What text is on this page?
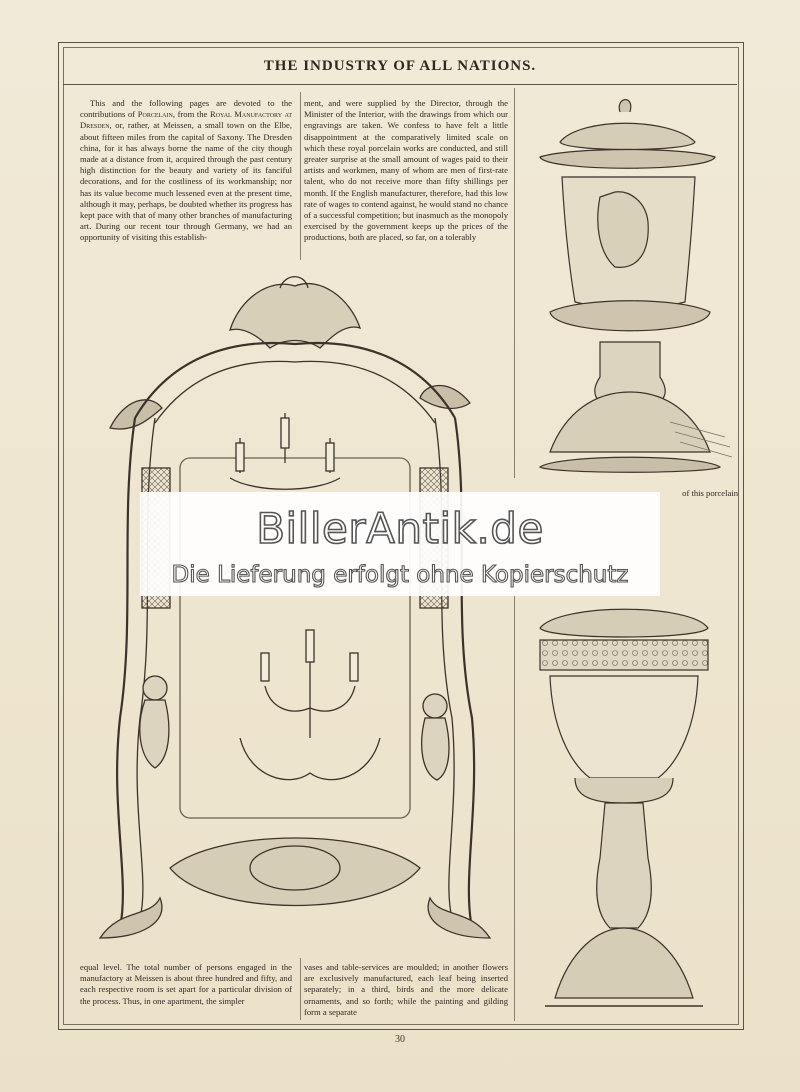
THE INDUSTRY OF ALL NATIONS.

This and the following pages are devoted to the contributions of Porcelain, from the Royal Manufactory at Dresden, or, rather, at Meissen, a small town on the Elbe, about fifteen miles from the capital of Saxony. The Dresden china, for it has always borne the name of the city though made at a distance from it, acquired through the past century high distinction for the beauty and variety of its fanciful decorations, and for the costliness of its workmanship; nor has its value become much lessened even at the present time, although it may, perhaps, be doubted whether its progress has kept pace with that of many other branches of manufacturing art. During our recent tour through Germany, we had an opportunity of visiting this establish-

ment, and were supplied by the Director, through the Minister of the Interior, with the drawings from which our engravings are taken. We confess to have felt a little disappointment at the comparatively limited scale on which these royal porcelain works are conducted, and still greater surprise at the small amount of wages paid to their artists and workmen, many of whom are men of first-rate talent, who do not receive more than fifty shillings per month. If the English manufacturer, therefore, had this low rate of wages to contend against, he would stand no chance of a successful competition; but inasmuch as the monopoly exercised by the government keeps up the prices of the productions, both are placed, so far, on a tolerably

equal level. The total number of persons engaged in the manufactory at Meissen is about three hundred and fifty, and each respective room is set apart for a particular division of the process. Thus, in one apartment, the simpler

vases and table-services are moulded; in another flowers are exclusively manufactured, each leaf being inserted separately; in a third, birds and the more delicate ornaments, and so forth; while the painting and gilding form a separate

of this porcelain
BillerAntik.de
Die Lieferung erfolgt ohne Kopierschutz
30
